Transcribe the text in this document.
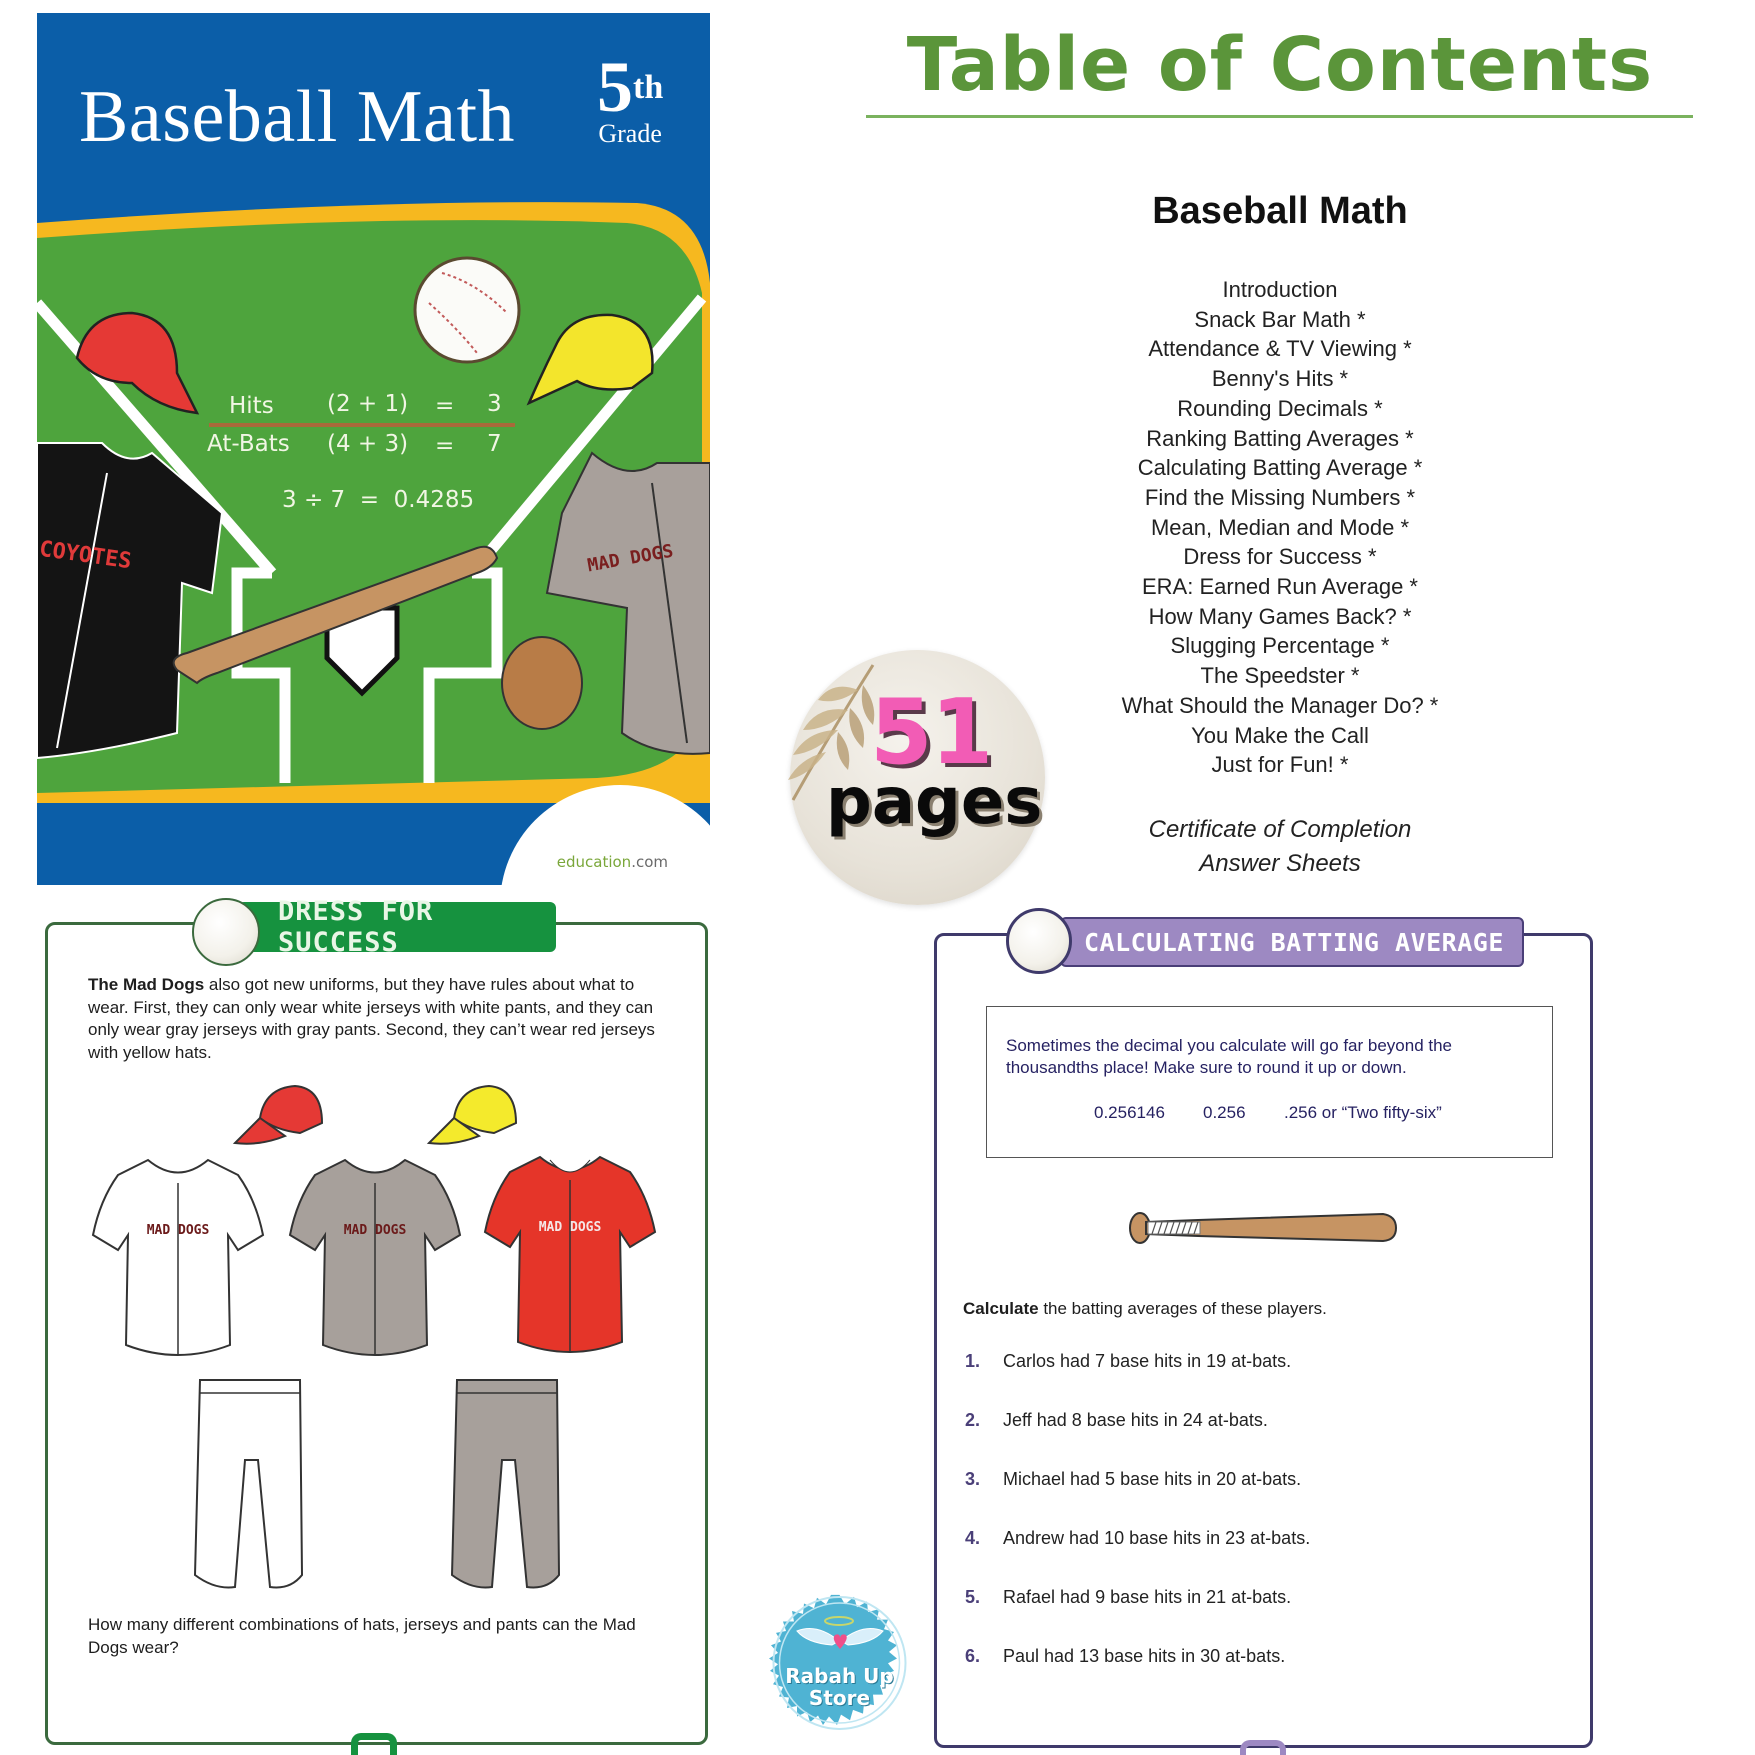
Baseball Math 5th
Grade
Hits (2 + 1) = 3
At-Bats (4 + 3) = 7
3 ÷ 7  =  0.4285
COYOTES	MAD DOGS
education.com
Table of Contents
Baseball Math
Introduction
Snack Bar Math *
Attendance & TV Viewing *
Benny's Hits *
Rounding Decimals *
Ranking Batting Averages *
Calculating Batting Average *
Find the Missing Numbers *
Mean, Median and Mode *
Dress for Success *
ERA: Earned Run Average *
How Many Games Back? *
Slugging Percentage *
The Speedster *
What Should the Manager Do? *
You Make the Call
Just for Fun! *
Certificate of Completion
Answer Sheets
51
pages
DRESS FOR SUCCESS
The Mad Dogs also got new uniforms, but they have rules about what to wear. First, they can only wear white jerseys with white pants, and they can only wear gray jerseys with gray pants. Second, they can’t wear red jerseys with yellow hats.
MAD DOGS	MAD DOGS	MAD DOGS
How many different combinations of hats, jerseys and pants can the Mad Dogs wear?
CALCULATING BATTING AVERAGE
Sometimes the decimal you calculate will go far beyond the thousandths place! Make sure to round it up or down.
0.256146 0.256 .256 or “Two fifty-six”
Calculate the batting averages of these players.
1.	Carlos had 7 base hits in 19 at-bats.
2.	Jeff had 8 base hits in 24 at-bats.
3.	Michael had 5 base hits in 20 at-bats.
4.	Andrew had 10 base hits in 23 at-bats.
5.	Rafael had 9 base hits in 21 at-bats.
6.	Paul had 13 base hits in 30 at-bats.
Rabah Up
Store
